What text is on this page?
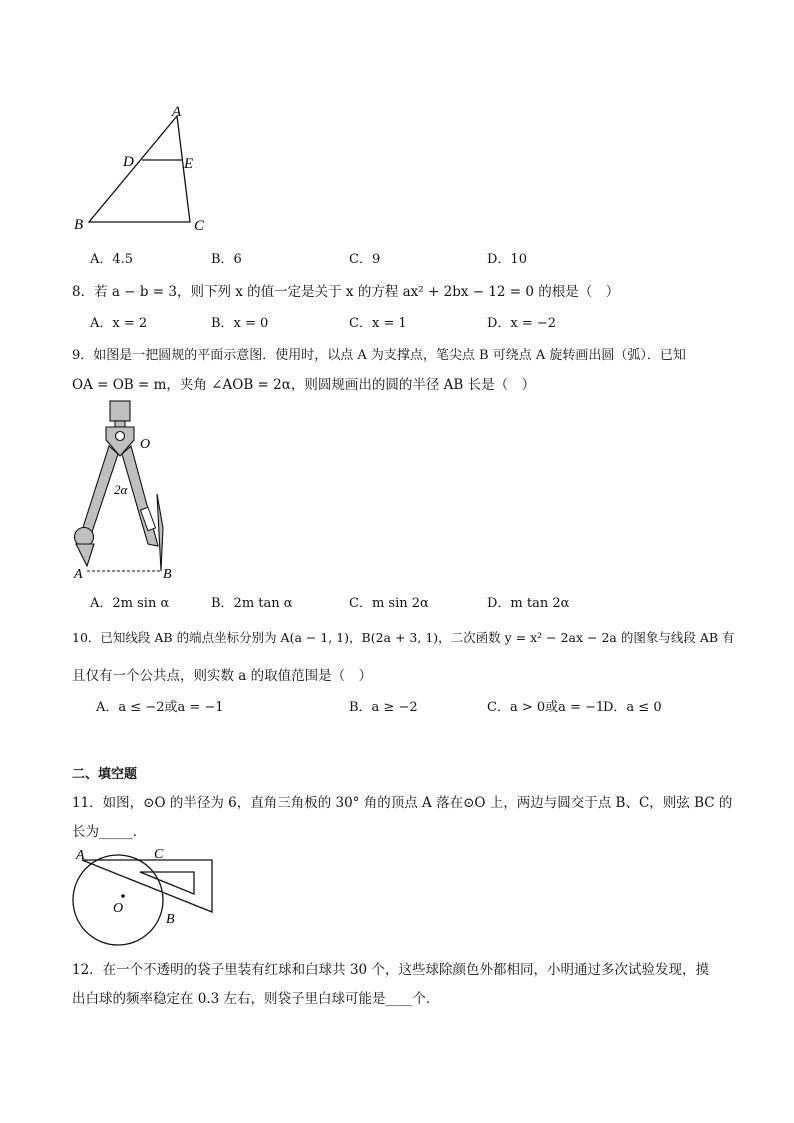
A
D	E
B	C
A．4.5	B．6	C．9	D．10
8．若 a − b = 3，则下列 x 的值一定是关于 x 的方程 ax² + 2bx − 12 = 0 的根是（　）
A．x = 2	B．x = 0	C．x = 1	D．x = −2
9．如图是一把圆规的平面示意图．使用时，以点 A 为支撑点，笔尖点 B 可绕点 A 旋转画出圆（弧）．已知
OA = OB = m，夹角 ∠AOB = 2α，则圆规画出的圆的半径 AB 长是（　）
O
2α
A	B
A．2m sin α	B．2m tan α	C．m sin 2α	D．m tan 2α
10．已知线段 AB 的端点坐标分别为 A(a − 1, 1)，B(2a + 3, 1)，二次函数 y = x² − 2ax − 2a 的图象与线段 AB 有
且仅有一个公共点，则实数 a 的取值范围是（　）
A．a ≤ −2或a = −1	B．a ≥ −2	C．a > 0或a = −1
D．a ≤ 0
二、填空题
11．如图，⊙O 的半径为 6，直角三角板的 30° 角的顶点 A 落在⊙O 上，两边与圆交于点 B、C，则弦 BC 的
长为_____．
A	C
O
B
12．在一个不透明的袋子里装有红球和白球共 30 个，这些球除颜色外都相同，小明通过多次试验发现，摸
出白球的频率稳定在 0.3 左右，则袋子里白球可能是____个．
